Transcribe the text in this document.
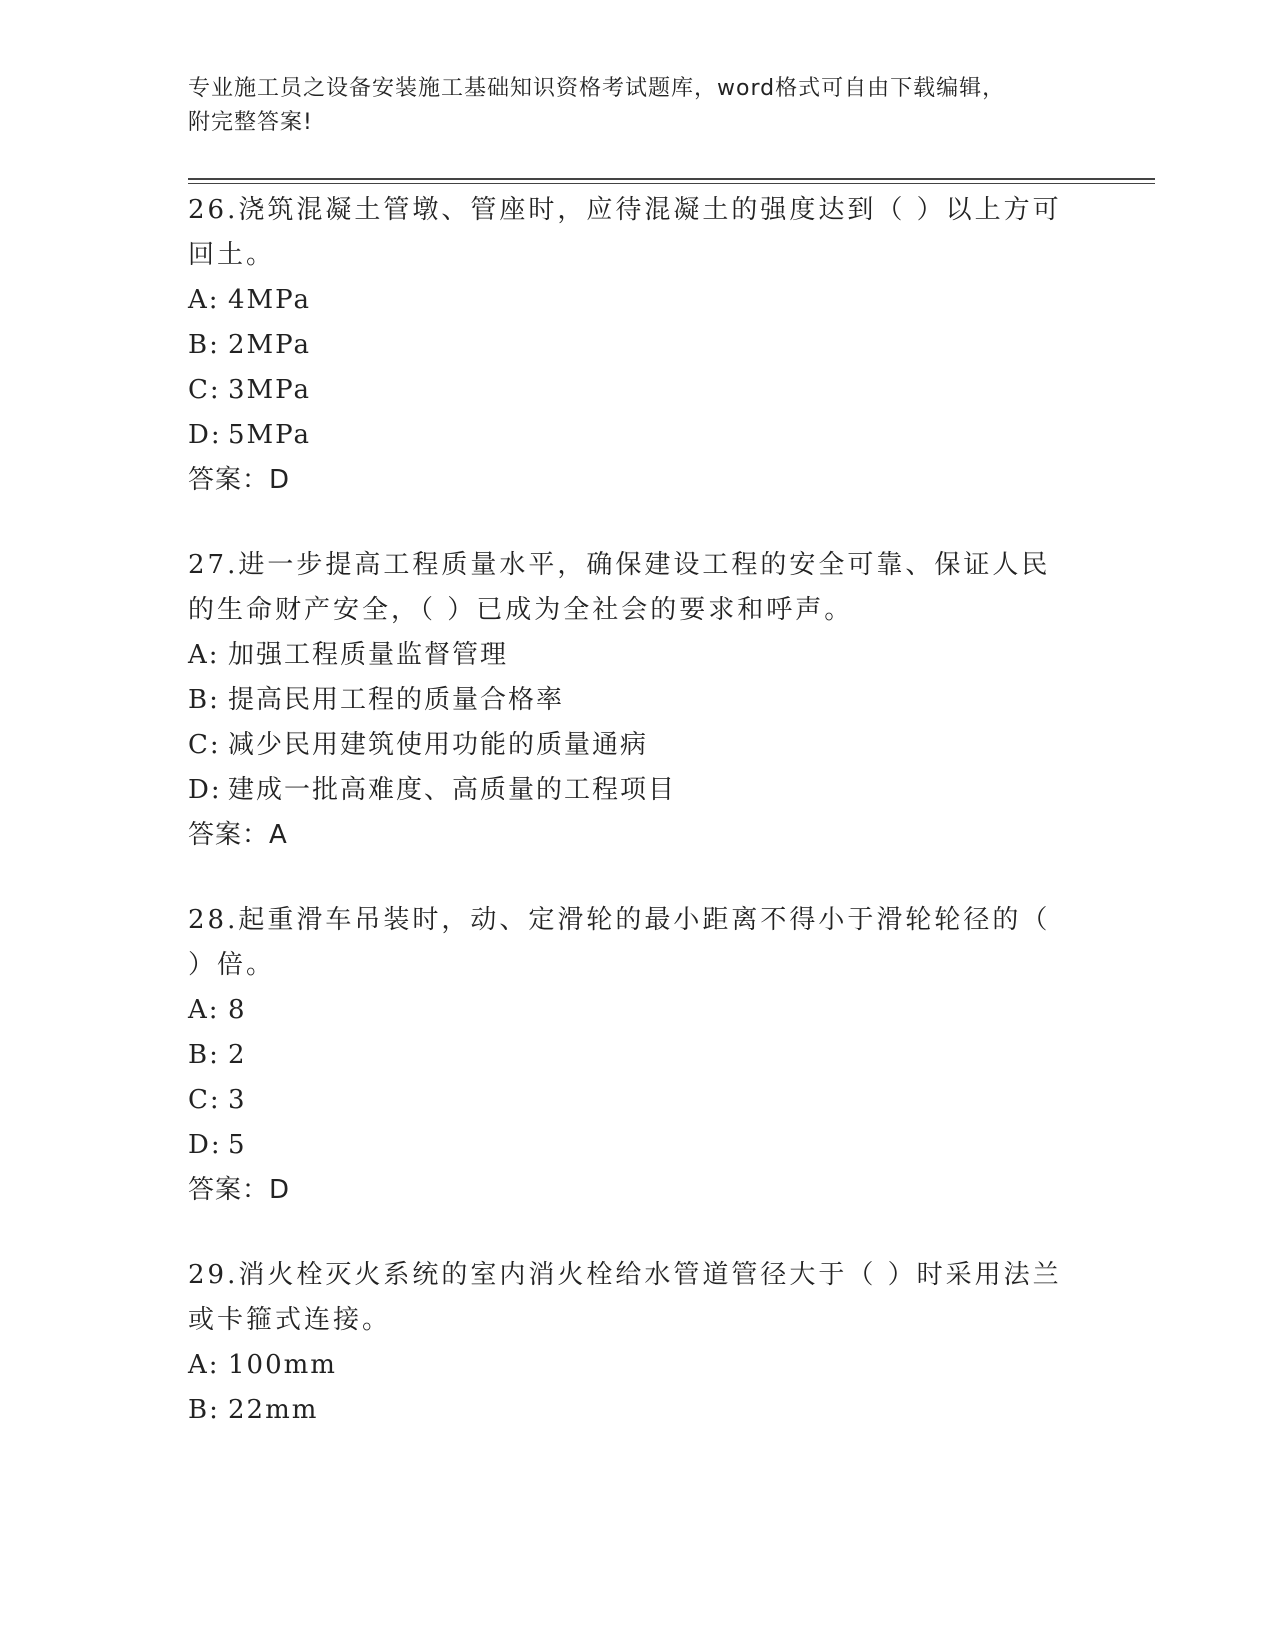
专业施工员之设备安装施工基础知识资格考试题库，word格式可自由下载编辑，
附完整答案!
26.浇筑混凝土管墩、管座时，应待混凝土的强度达到（ ）以上方可回土。
A: 4MPa
B: 2MPa
C: 3MPa
D: 5MPa
答案：D
27.进一步提高工程质量水平，确保建设工程的安全可靠、保证人民的生命财产安全，（ ）已成为全社会的要求和呼声。
A: 加强工程质量监督管理
B: 提高民用工程的质量合格率
C: 减少民用建筑使用功能的质量通病
D: 建成一批高难度、高质量的工程项目
答案：A
28.起重滑车吊装时，动、定滑轮的最小距离不得小于滑轮轮径的（ ）倍。
A: 8
B: 2
C: 3
D: 5
答案：D
29.消火栓灭火系统的室内消火栓给水管道管径大于（ ）时采用法兰或卡箍式连接。
A: 100mm
B: 22mm
